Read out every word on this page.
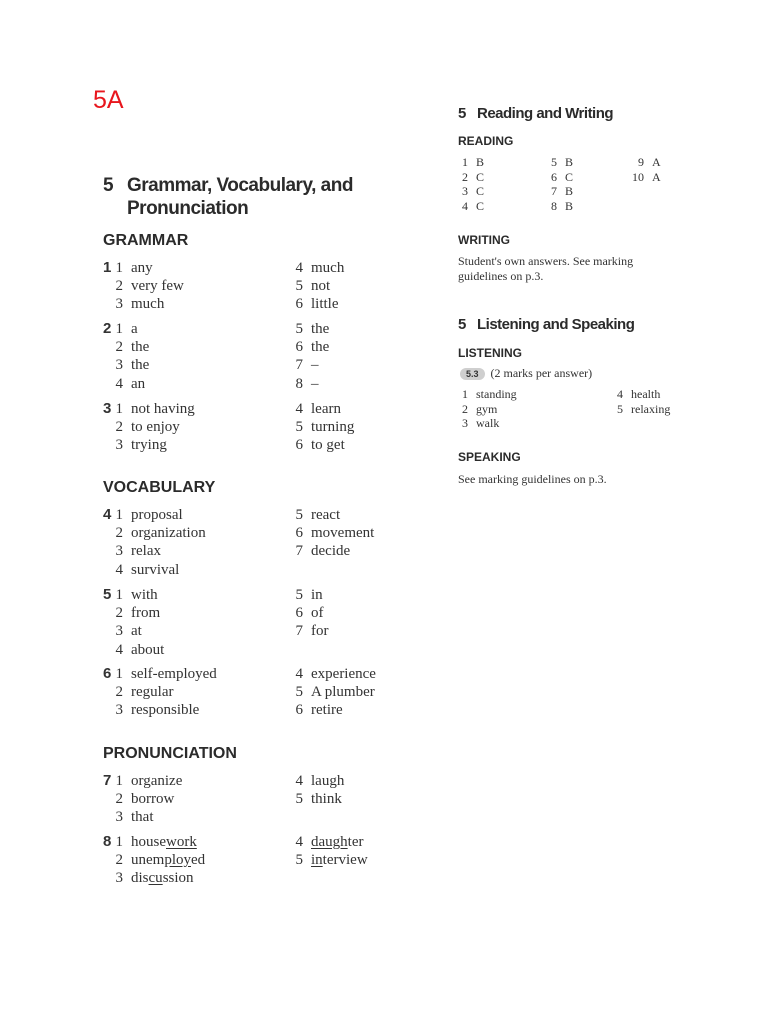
5A
5 Grammar, Vocabulary, and
Pronunciation
GRAMMAR
VOCABULARY
PRONUNCIATION
1 1 any
2 very few
3 much
4 much
5 not
6 little
2 1 a
2 the
3 the
4 an
5 the
6 the
7 –
8 –
3 1 not having
2 to enjoy
3 trying
4 learn
5 turning
6 to get
4 1 proposal
2 organization
3 relax
4 survival
5 react
6 movement
7 decide
5 1 with
2 from
3 at
4 about
5 in
6 of
7 for
6 1 self-employed
2 regular
3 responsible
4 experience
5 A plumber
6 retire
7 1 organize
2 borrow
3 that
4 laugh
5 think
8 1 housework
2 unemployed
3 discussion
4 daughter
5 interview
5 Reading and Writing
READING
1 B
2 C
3 C
4 C
5 B
6 C
7 B
8 B
9 A
10 A
WRITING
Student's own answers. See marking guidelines on p.3.
5 Listening and Speaking
LISTENING
5.3 (2 marks per answer)
1 standing
2 gym
3 walk
4 health
5 relaxing
SPEAKING
See marking guidelines on p.3.
